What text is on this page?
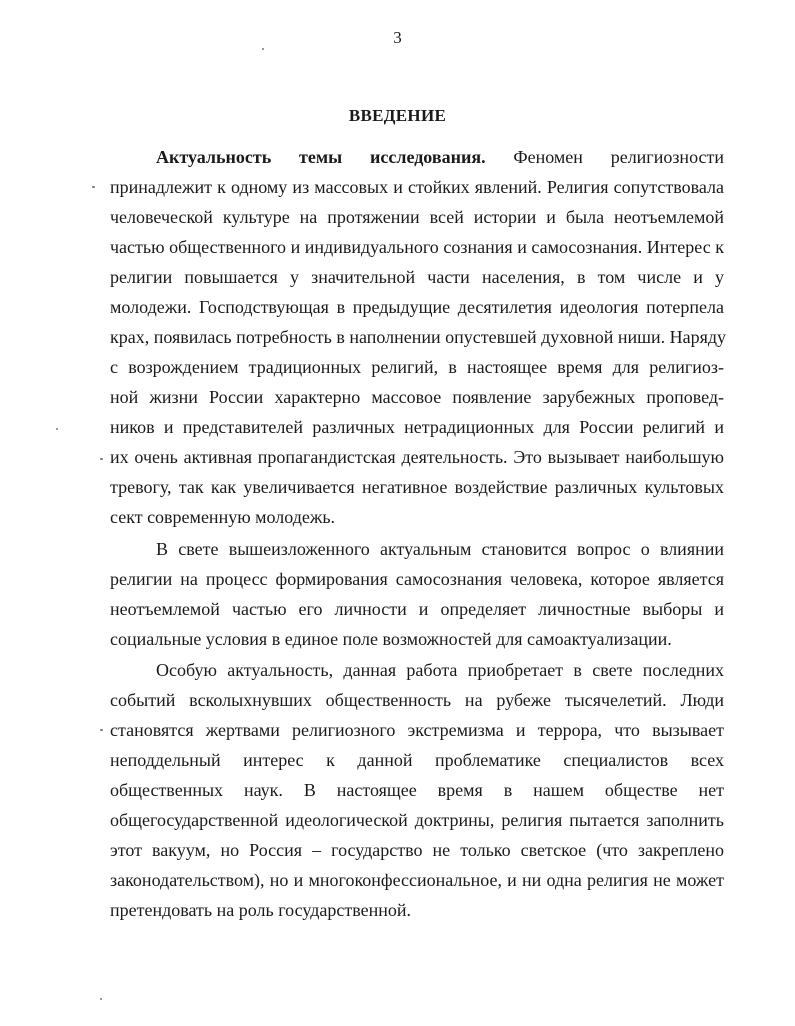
3
ВВЕДЕНИЕ
Актуальность темы исследования. Феномен религиозности
принадлежит к одному из массовых и стойких явлений. Религия сопутствовала
человеческой культуре на протяжении всей истории и была неотъемлемой
частью общественного и индивидуального сознания и самосознания. Интерес к
религии повышается у значительной части населения, в том числе и у
молодежи. Господствующая в предыдущие десятилетия идеология потерпела
крах, появилась потребность в наполнении опустевшей духовной ниши. Наряду
с возрождением традиционных религий, в настоящее время для религиоз-
ной жизни России характерно массовое появление зарубежных проповед-
ников и представителей различных нетрадиционных для России религий и
их очень активная пропагандистская деятельность. Это вызывает наибольшую
тревогу, так как увеличивается негативное воздействие различных культовых
сект современную молодежь.
В свете вышеизложенного актуальным становится вопрос о влиянии
религии на процесс формирования самосознания человека, которое является
неотъемлемой частью его личности и определяет личностные выборы и
социальные условия в единое поле возможностей для самоактуализации.
Особую актуальность, данная работа приобретает в свете последних
событий всколыхнувших общественность на рубеже тысячелетий. Люди
становятся жертвами религиозного экстремизма и террора, что вызывает
неподдельный интерес к данной проблематике специалистов всех
общественных наук. В настоящее время в нашем обществе нет
общегосударственной идеологической доктрины, религия пытается заполнить
этот вакуум, но Россия – государство не только светское (что закреплено
законодательством), но и многоконфессиональное, и ни одна религия не может
претендовать на роль государственной.
